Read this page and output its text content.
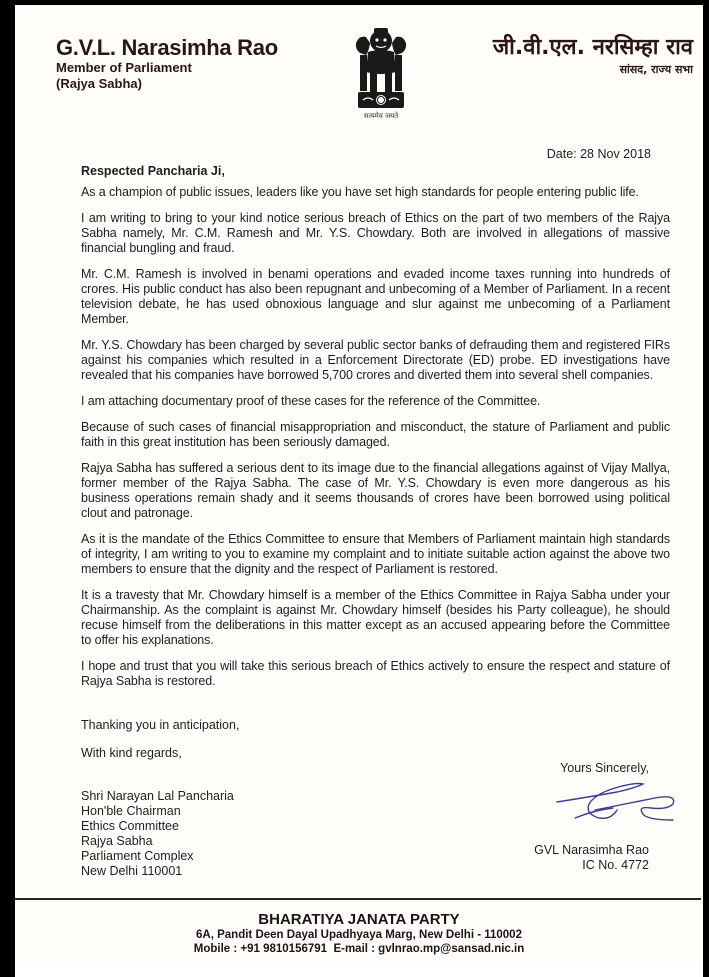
G.V.L. Narasimha Rao
Member of Parliament
(Rajya Sabha)
सत्यमेव जयते
जी.वी.एल. नरसिम्हा राव
सांसद, राज्य सभा
Date: 28 Nov 2018
Respected Pancharia Ji,

As a champion of public issues, leaders like you have set high standards for people entering public life.

I am writing to bring to your kind notice serious breach of Ethics on the part of two members of the Rajya Sabha namely, Mr. C.M. Ramesh and Mr. Y.S. Chowdary. Both are involved in allegations of massive financial bungling and fraud.

Mr. C.M. Ramesh is involved in benami operations and evaded income taxes running into hundreds of crores. His public conduct has also been repugnant and unbecoming of a Member of Parliament. In a recent television debate, he has used obnoxious language and slur against me unbecoming of a Parliament Member.

Mr. Y.S. Chowdary has been charged by several public sector banks of defrauding them and registered FIRs against his companies which resulted in a Enforcement Directorate (ED) probe. ED investigations have revealed that his companies have borrowed 5,700 crores and diverted them into several shell companies.

I am attaching documentary proof of these cases for the reference of the Committee.

Because of such cases of financial misappropriation and misconduct, the stature of Parliament and public faith in this great institution has been seriously damaged.

Rajya Sabha has suffered a serious dent to its image due to the financial allegations against of Vijay Mallya, former member of the Rajya Sabha. The case of Mr. Y.S. Chowdary is even more dangerous as his business operations remain shady and it seems thousands of crores have been borrowed using political clout and patronage.

As it is the mandate of the Ethics Committee to ensure that Members of Parliament maintain high standards of integrity, I am writing to you to examine my complaint and to initiate suitable action against the above two members to ensure that the dignity and the respect of Parliament is restored.

It is a travesty that Mr. Chowdary himself is a member of the Ethics Committee in Rajya Sabha under your Chairmanship. As the complaint is against Mr. Chowdary himself (besides his Party colleague), he should recuse himself from the deliberations in this matter except as an accused appearing before the Committee to offer his explanations.

I hope and trust that you will take this serious breach of Ethics actively to ensure the respect and stature of Rajya Sabha is restored.

Thanking you in anticipation,

With kind regards,

Shri Narayan Lal Pancharia
Hon'ble Chairman
Ethics Committee
Rajya Sabha
Parliament Complex
New Delhi 110001
Yours Sincerely,
GVL Narasimha Rao
IC No. 4772
BHARATIYA JANATA PARTY
6A, Pandit Deen Dayal Upadhyaya Marg, New Delhi - 110002
Mobile : +91 9810156791  E-mail : gvlnrao.mp@sansad.nic.in
